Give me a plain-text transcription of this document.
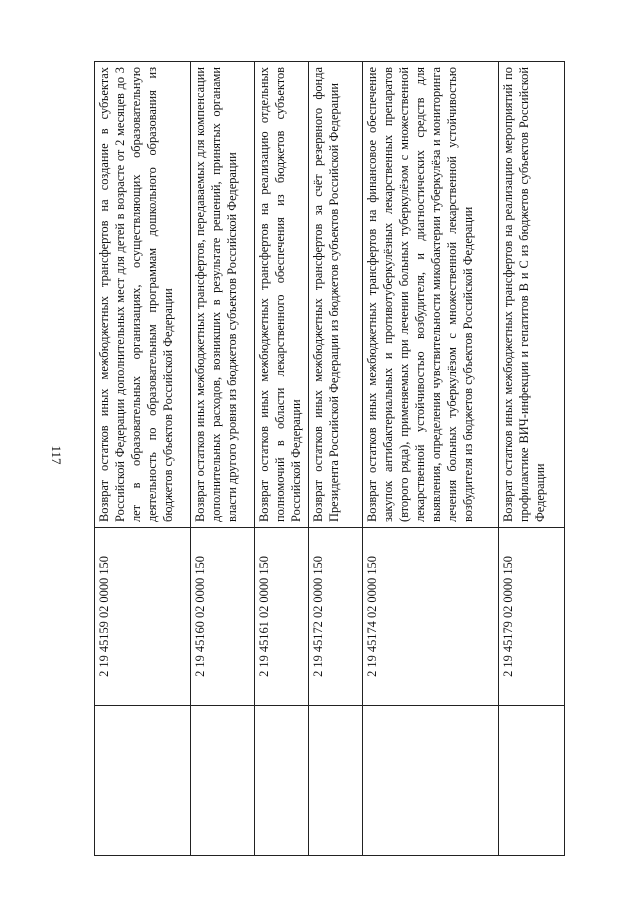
117
	2 19 45159 02 0000 150	Возврат остатков иных межбюджетных трансфертов на создание в субъектах Российской Федерации дополнительных мест для детей в возрасте от 2 месяцев до 3 лет в образовательных организациях, осуществляющих образовательную деятельность по образовательным программам дошкольного образования из бюджетов субъектов Российской Федерации
	2 19 45160 02 0000 150	Возврат остатков иных межбюджетных трансфертов, передаваемых для компенсации дополнительных расходов, возникших в результате решений, принятых органами власти другого уровня из бюджетов субъектов Российской Федерации
	2 19 45161 02 0000 150	Возврат остатков иных межбюджетных трансфертов на реализацию отдельных полномочий в области лекарственного обеспечения из бюджетов субъектов Российской Федерации
	2 19 45172 02 0000 150	Возврат остатков иных межбюджетных трансфертов за счёт резервного фонда Президента Российской Федерации из бюджетов субъектов Российской Федерации
	2 19 45174 02 0000 150	Возврат остатков иных межбюджетных трансфертов на финансовое обеспечение закупок антибактериальных и противотуберкулёзных лекарственных препаратов (второго ряда), применяемых при лечении больных туберкулёзом с множественной лекарственной устойчивостью возбудителя, и диагностических средств для выявления, определения чувствительности микобактерии туберкулёза и мониторинга лечения больных туберкулёзом с множественной лекарственной устойчивостью возбудителя из бюджетов субъектов Российской Федерации
	2 19 45179 02 0000 150	Возврат остатков иных межбюджетных трансфертов на реализацию мероприятий по профилактике ВИЧ-инфекции и гепатитов B и C из бюджетов субъектов Российской Федерации
